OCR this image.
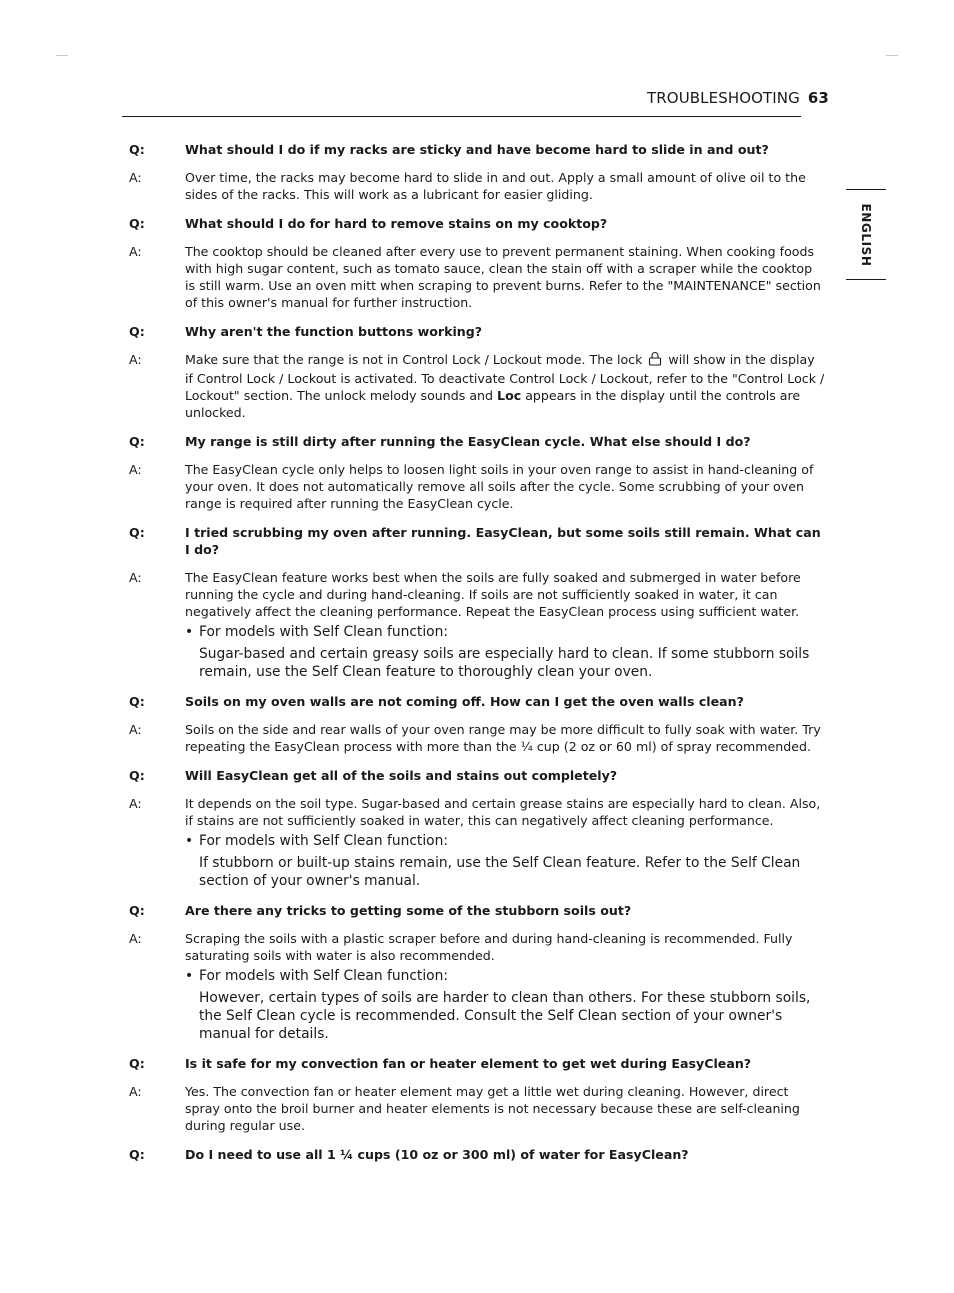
TROUBLESHOOTING 63
ENGLISH
Q:	What should I do if my racks are sticky and have become hard to slide in and out?
A:	Over time, the racks may become hard to slide in and out. Apply a small amount of olive oil to the sides of the racks. This will work as a lubricant for easier gliding.
Q:	What should I do for hard to remove stains on my cooktop?
A:	The cooktop should be cleaned after every use to prevent permanent staining. When cooking foods with high sugar content, such as tomato sauce, clean the stain off with a scraper while the cooktop is still warm. Use an oven mitt when scraping to prevent burns. Refer to the "MAINTENANCE" section of this owner's manual for further instruction.
Q:	Why aren't the function buttons working?
A:	Make sure that the range is not in Control Lock / Lockout mode. The lock will show in the display if Control Lock / Lockout is activated. To deactivate Control Lock / Lockout, refer to the "Control Lock / Lockout" section. The unlock melody sounds and Loc appears in the display until the controls are unlocked.
Q:	My range is still dirty after running the EasyClean cycle. What else should I do?
A:	The EasyClean cycle only helps to loosen light soils in your oven range to assist in hand-cleaning of your oven. It does not automatically remove all soils after the cycle. Some scrubbing of your oven range is required after running the EasyClean cycle.
Q:	I tried scrubbing my oven after running. EasyClean, but some soils still remain. What can I do?
A:	The EasyClean feature works best when the soils are fully soaked and submerged in water before running the cycle and during hand-cleaning. If soils are not sufficiently soaked in water, it can negatively affect the cleaning performance. Repeat the EasyClean process using sufficient water.
• For models with Self Clean function:
Sugar-based and certain greasy soils are especially hard to clean. If some stubborn soils remain, use the Self Clean feature to thoroughly clean your oven.
Q:	Soils on my oven walls are not coming off. How can I get the oven walls clean?
A:	Soils on the side and rear walls of your oven range may be more difficult to fully soak with water. Try repeating the EasyClean process with more than the ¼ cup (2 oz or 60 ml) of spray recommended.
Q:	Will EasyClean get all of the soils and stains out completely?
A:	It depends on the soil type. Sugar-based and certain grease stains are especially hard to clean. Also, if stains are not sufficiently soaked in water, this can negatively affect cleaning performance.
• For models with Self Clean function:
If stubborn or built-up stains remain, use the Self Clean feature. Refer to the Self Clean section of your owner's manual.
Q:	Are there any tricks to getting some of the stubborn soils out?
A:	Scraping the soils with a plastic scraper before and during hand-cleaning is recommended. Fully saturating soils with water is also recommended.
• For models with Self Clean function:
However, certain types of soils are harder to clean than others. For these stubborn soils, the Self Clean cycle is recommended. Consult the Self Clean section of your owner's manual for details.
Q:	Is it safe for my convection fan or heater element to get wet during EasyClean?
A:	Yes. The convection fan or heater element may get a little wet during cleaning. However, direct spray onto the broil burner and heater elements is not necessary because these are self-cleaning during regular use.
Q:	Do I need to use all 1 ¼ cups (10 oz or 300 ml) of water for EasyClean?
